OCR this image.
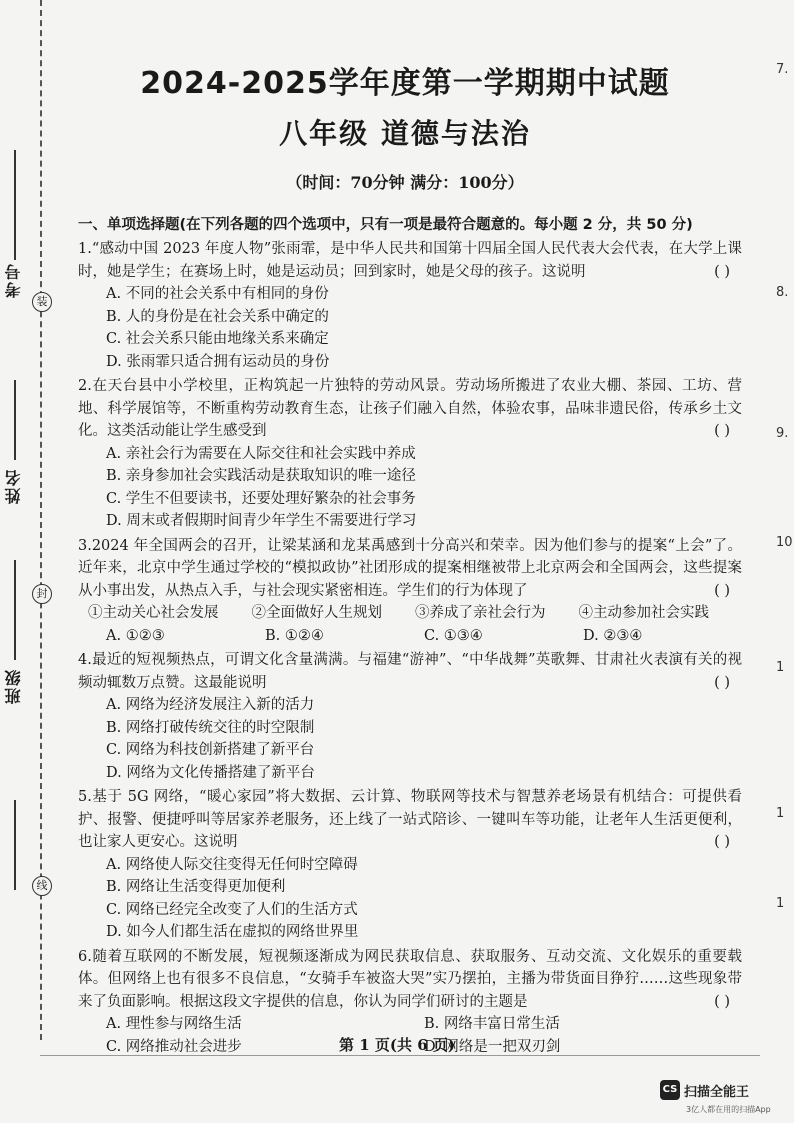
考号
姓名
班级
装
封
线
7.
8.
9.
10
1
1
1
2024-2025学年度第一学期期中试题
八年级 道德与法治
（时间：70分钟 满分：100分）
一、单项选择题(在下列各题的四个选项中，只有一项是最符合题意的。每小题 2 分，共 50 分)
1.“感动中国 2023 年度人物”张雨霏，是中华人民共和国第十四届全国人民代表大会代表，在大学上课时，她是学生；在赛场上时，她是运动员；回到家时，她是父母的孩子。这说明	( )
A. 不同的社会关系中有相同的身份
B. 人的身份是在社会关系中确定的
C. 社会关系只能由地缘关系来确定
D. 张雨霏只适合拥有运动员的身份
2.在天台县中小学校里，正构筑起一片独特的劳动风景。劳动场所搬进了农业大棚、茶园、工坊、营地、科学展馆等，不断重构劳动教育生态，让孩子们融入自然，体验农事，品味非遗民俗，传承乡土文化。这类活动能让学生感受到	( )
A. 亲社会行为需要在人际交往和社会实践中养成
B. 亲身参加社会实践活动是获取知识的唯一途径
C. 学生不但要读书，还要处理好繁杂的社会事务
D. 周末或者假期时间青少年学生不需要进行学习
3.2024 年全国两会的召开，让梁某涵和龙某禹感到十分高兴和荣幸。因为他们参与的提案“上会”了。近年来，北京中学生通过学校的“模拟政协”社团形成的提案相继被带上北京两会和全国两会，这些提案从小事出发，从热点入手，与社会现实紧密相连。学生们的行为体现了	( )
①主动关心社会发展	②全面做好人生规划	③养成了亲社会行为	④主动参加社会实践
A. ①②③	B. ①②④	C. ①③④	D. ②③④
4.最近的短视频热点，可谓文化含量满满。与福建“游神”、“中华战舞”英歌舞、甘肃社火表演有关的视频动辄数万点赞。这最能说明	( )
A. 网络为经济发展注入新的活力
B. 网络打破传统交往的时空限制
C. 网络为科技创新搭建了新平台
D. 网络为文化传播搭建了新平台
5.基于 5G 网络，“暖心家园”将大数据、云计算、物联网等技术与智慧养老场景有机结合：可提供看护、报警、便捷呼叫等居家养老服务，还上线了一站式陪诊、一键叫车等功能，让老年人生活更便利，也让家人更安心。这说明	( )
A. 网络使人际交往变得无任何时空障碍
B. 网络让生活变得更加便利
C. 网络已经完全改变了人们的生活方式
D. 如今人们都生活在虚拟的网络世界里
6.随着互联网的不断发展，短视频逐渐成为网民获取信息、获取服务、互动交流、文化娱乐的重要载体。但网络上也有很多不良信息，“女骑手车被盗大哭”实乃摆拍，主播为带货面目狰狞……这些现象带来了负面影响。根据这段文字提供的信息，你认为同学们研讨的主题是	( )
A. 理性参与网络生活	B. 网络丰富日常生活
C. 网络推动社会进步	D. 网络是一把双刃剑
第 1 页(共 6 页)
CS 扫描全能王
3亿人都在用的扫描App
